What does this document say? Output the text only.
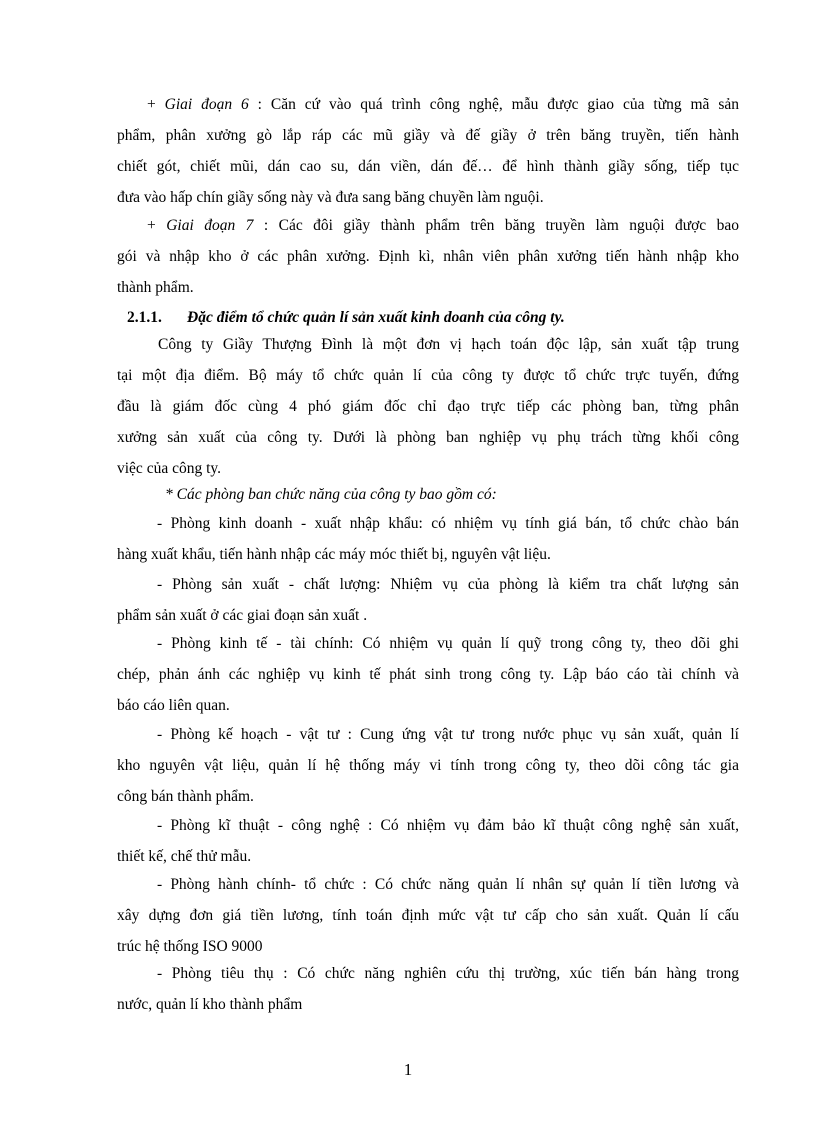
+ Giai đoạn 6 : Căn cứ vào quá trình công nghệ, mẫu được giao của từng mã sản
phẩm, phân xưởng gò lắp ráp các mũ giầy và đế giầy ở trên băng truyền, tiến hành
chiết gót, chiết mũi, dán cao su, dán viền, dán đế… để hình thành giầy sống, tiếp tục
đưa vào hấp chín giầy sống này và đưa sang băng chuyền làm nguội.
+ Giai đoạn 7 : Các đôi giầy thành phẩm trên băng truyền làm nguội được bao
gói và nhập kho ở các phân xưởng. Định kì, nhân viên phân xưởng tiến hành nhập kho
thành phẩm.
2.1.1. Đặc điểm tổ chức quản lí sản xuất kinh doanh của công ty.
Công ty Giầy Thượng Đình là một đơn vị hạch toán độc lập, sản xuất tập trung
tại một địa điểm. Bộ máy tổ chức quản lí của công ty được tổ chức trực tuyến, đứng
đầu là giám đốc cùng 4 phó giám đốc chỉ đạo trực tiếp các phòng ban, từng phân
xưởng sản xuất của công ty. Dưới là phòng ban nghiệp vụ phụ trách từng khối công
việc của công ty.
* Các phòng ban chức năng của công ty bao gồm có:
- Phòng kinh doanh - xuất nhập khẩu: có nhiệm vụ tính giá bán, tổ chức chào bán
hàng xuất khẩu, tiến hành nhập các máy móc thiết bị, nguyên vật liệu.
- Phòng sản xuất - chất lượng: Nhiệm vụ của phòng là kiểm tra chất lượng sản
phẩm sản xuất ở các giai đoạn sản xuất .
- Phòng kinh tế - tài chính: Có nhiệm vụ quản lí quỹ trong công ty, theo dõi ghi
chép, phản ánh các nghiệp vụ kinh tế phát sinh trong công ty. Lập báo cáo tài chính và
báo cáo liên quan.
- Phòng kế hoạch - vật tư : Cung ứng vật tư trong nước phục vụ sản xuất, quản lí
kho nguyên vật liệu, quản lí hệ thống máy vi tính trong công ty, theo dõi công tác gia
công bán thành phẩm.
- Phòng kĩ thuật - công nghệ : Có nhiệm vụ đảm bảo kĩ thuật công nghệ sản xuất,
thiết kế, chế thử mẫu.
- Phòng hành chính- tổ chức : Có chức năng quản lí nhân sự quản lí tiền lương và
xây dựng đơn giá tiền lương, tính toán định mức vật tư cấp cho sản xuất. Quản lí cấu
trúc hệ thống ISO 9000
- Phòng tiêu thụ : Có chức năng nghiên cứu thị trường, xúc tiến bán hàng trong
nước, quản lí kho thành phẩm
1
